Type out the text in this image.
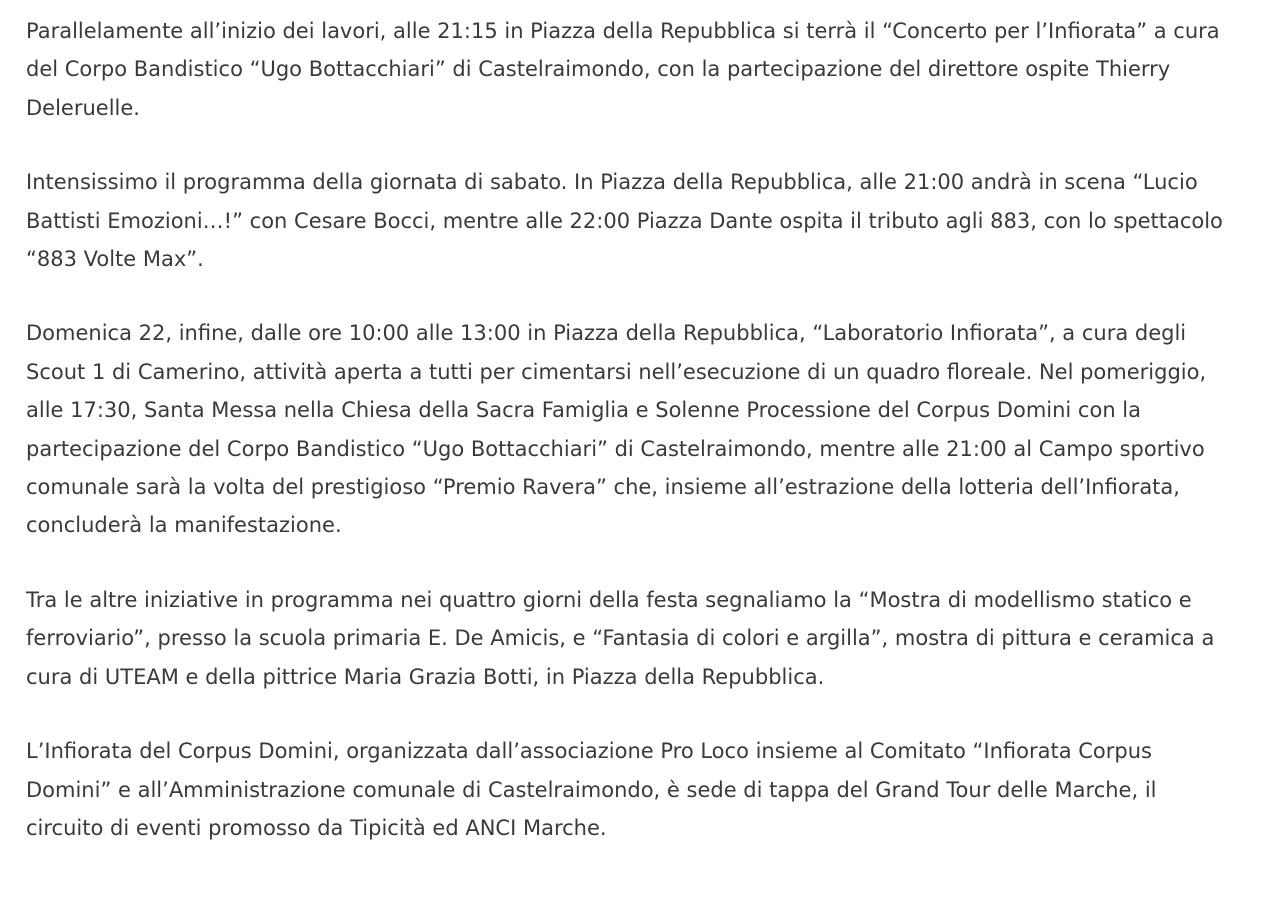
Parallelamente all’inizio dei lavori, alle 21:15 in Piazza della Repubblica si terrà il “Concerto per l’Infiorata” a cura del Corpo Bandistico “Ugo Bottacchiari” di Castelraimondo, con la partecipazione del direttore ospite Thierry Deleruelle.

Intensissimo il programma della giornata di sabato. In Piazza della Repubblica, alle 21:00 andrà in scena “Lucio Battisti Emozioni…!” con Cesare Bocci, mentre alle 22:00 Piazza Dante ospita il tributo agli 883, con lo spettacolo “883 Volte Max”.

Domenica 22, infine, dalle ore 10:00 alle 13:00 in Piazza della Repubblica, “Laboratorio Infiorata”, a cura degli Scout 1 di Camerino, attività aperta a tutti per cimentarsi nell’esecuzione di un quadro floreale. Nel pomeriggio, alle 17:30, Santa Messa nella Chiesa della Sacra Famiglia e Solenne Processione del Corpus Domini con la partecipazione del Corpo Bandistico “Ugo Bottacchiari” di Castelraimondo, mentre alle 21:00 al Campo sportivo comunale sarà la volta del prestigioso “Premio Ravera” che, insieme all’estrazione della lotteria dell’Infiorata, concluderà la manifestazione.

Tra le altre iniziative in programma nei quattro giorni della festa segnaliamo la “Mostra di modellismo statico e ferroviario”, presso la scuola primaria E. De Amicis, e “Fantasia di colori e argilla”, mostra di pittura e ceramica a cura di UTEAM e della pittrice Maria Grazia Botti, in Piazza della Repubblica.

L’Infiorata del Corpus Domini, organizzata dall’associazione Pro Loco insieme al Comitato “Infiorata Corpus Domini” e all’Amministrazione comunale di Castelraimondo, è sede di tappa del Grand Tour delle Marche, il circuito di eventi promosso da Tipicità ed ANCI Marche.
